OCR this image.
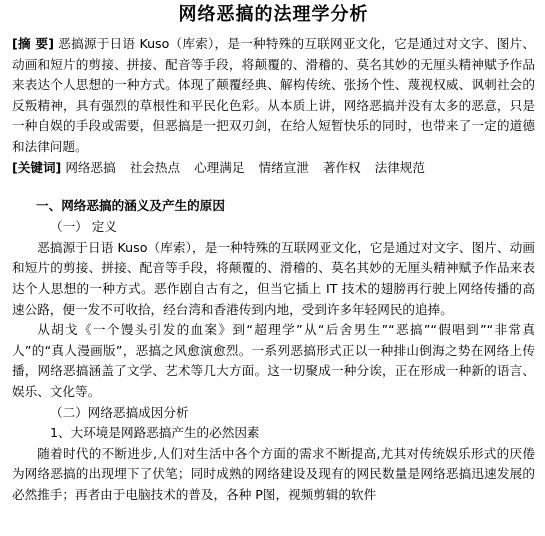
网络恶搞的法理学分析

[摘 要] 恶搞源于日语 Kuso（库索），是一种特殊的互联网亚文化，它是通过对文字、图片、动画和短片的剪接、拼接、配音等手段，将颠覆的、滑稽的、莫名其妙的无厘头精神赋予作品来表达个人思想的一种方式。体现了颠覆经典、解构传统、张扬个性、蔑视权威、讽刺社会的反叛精神，具有强烈的草根性和平民化色彩。从本质上讲，网络恶搞并没有太多的恶意，只是一种自娱的手段或需要，但恶搞是一把双刃剑，在给人短暂快乐的同时，也带来了一定的道德和法律问题。

[关键词] 网络恶搞 社会热点 心理满足 情绪宣泄 著作权 法律规范

一、网络恶搞的涵义及产生的原因
（一） 定义

恶搞源于日语 Kuso（库索），是一种特殊的互联网亚文化，它是通过对文字、图片、动画和短片的剪接、拼接、配音等手段，将颠覆的、滑稽的、莫名其妙的无厘头精神赋予作品来表达个人思想的一种方式。恶作剧自古有之，但当它插上 IT 技术的翅膀再行驶上网络传播的高速公路，便一发不可收拾，经台湾和香港传到内地，受到许多年轻网民的追捧。

从胡戈《一个馒头引发的血案》到“超理学”从“后舍男生”“恶搞”“假唱到”“非常真人”的“真人漫画版”，恶搞之风愈演愈烈。一系列恶搞形式正以一种排山倒海之势在网络上传播，网络恶搞涵盖了文学、艺术等几大方面。这一切聚成一种分诶，正在形成一种新的语言、娱乐、文化等。

（二）网络恶搞成因分析
1、大环境是网路恶搞产生的必然因素

随着时代的不断进步,人们对生活中各个方面的需求不断提高,尤其对传统娱乐形式的厌倦为网络恶搞的出现埋下了伏笔；同时成熟的网络建设及现有的网民数量是网络恶搞迅速发展的必然推手；再者由于电脑技术的普及，各种 P图，视频剪辑的软件
